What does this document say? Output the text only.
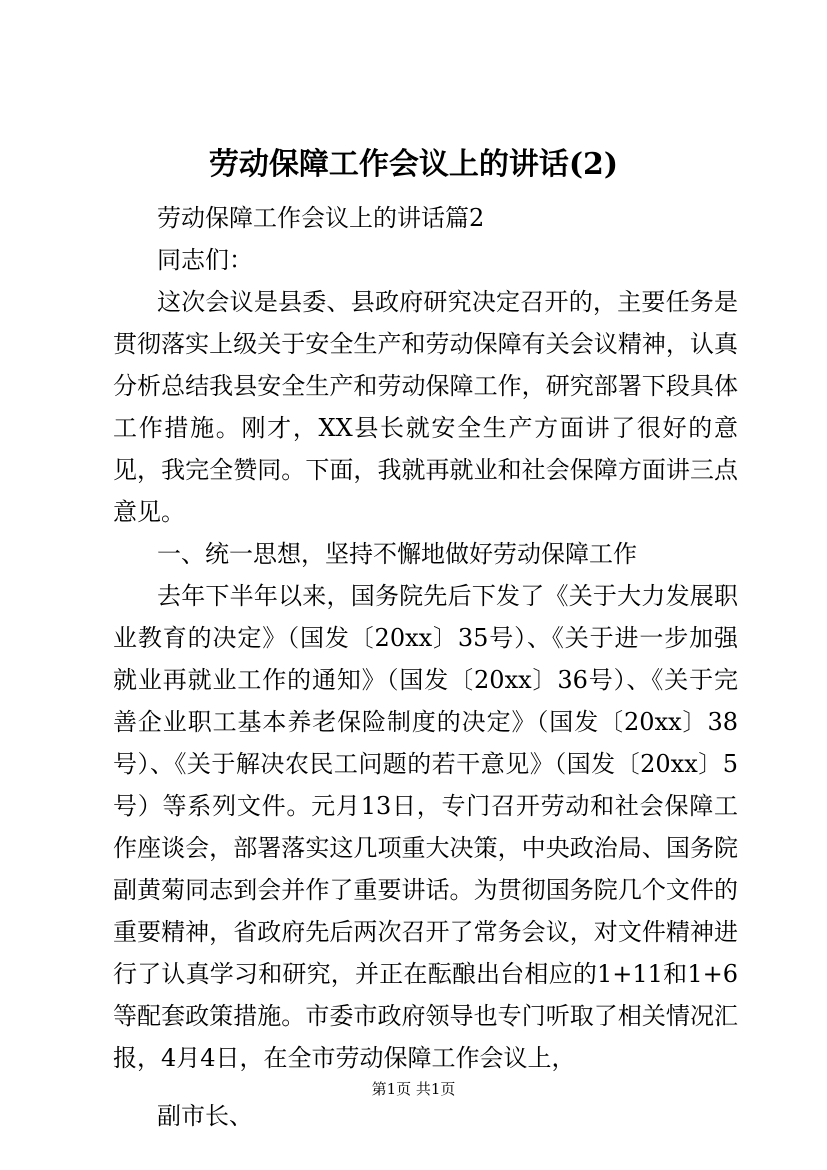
劳动保障工作会议上的讲话(2)

劳动保障工作会议上的讲话篇2

同志们：

这次会议是县委、县政府研究决定召开的，主要任务是贯彻落实上级关于安全生产和劳动保障有关会议精神，认真分析总结我县安全生产和劳动保障工作，研究部署下段具体工作措施。刚才，XX县长就安全生产方面讲了很好的意见，我完全赞同。下面，我就再就业和社会保障方面讲三点意见。

一、统一思想，坚持不懈地做好劳动保障工作

去年下半年以来，国务院先后下发了《关于大力发展职业教育的决定》（国发〔20xx〕35号）、《关于进一步加强就业再就业工作的通知》（国发〔20xx〕36号）、《关于完善企业职工基本养老保险制度的决定》（国发〔20xx〕38号）、《关于解决农民工问题的若干意见》（国发〔20xx〕5号）等系列文件。元月13日，专门召开劳动和社会保障工作座谈会，部署落实这几项重大决策，中央政治局、国务院副黄菊同志到会并作了重要讲话。为贯彻国务院几个文件的重要精神，省政府先后两次召开了常务会议，对文件精神进行了认真学习和研究，并正在酝酿出台相应的1+11和1+6等配套政策措施。市委市政府领导也专门听取了相关情况汇报，4月4日，在全市劳动保障工作会议上，

副市长、

第1页 共1页
